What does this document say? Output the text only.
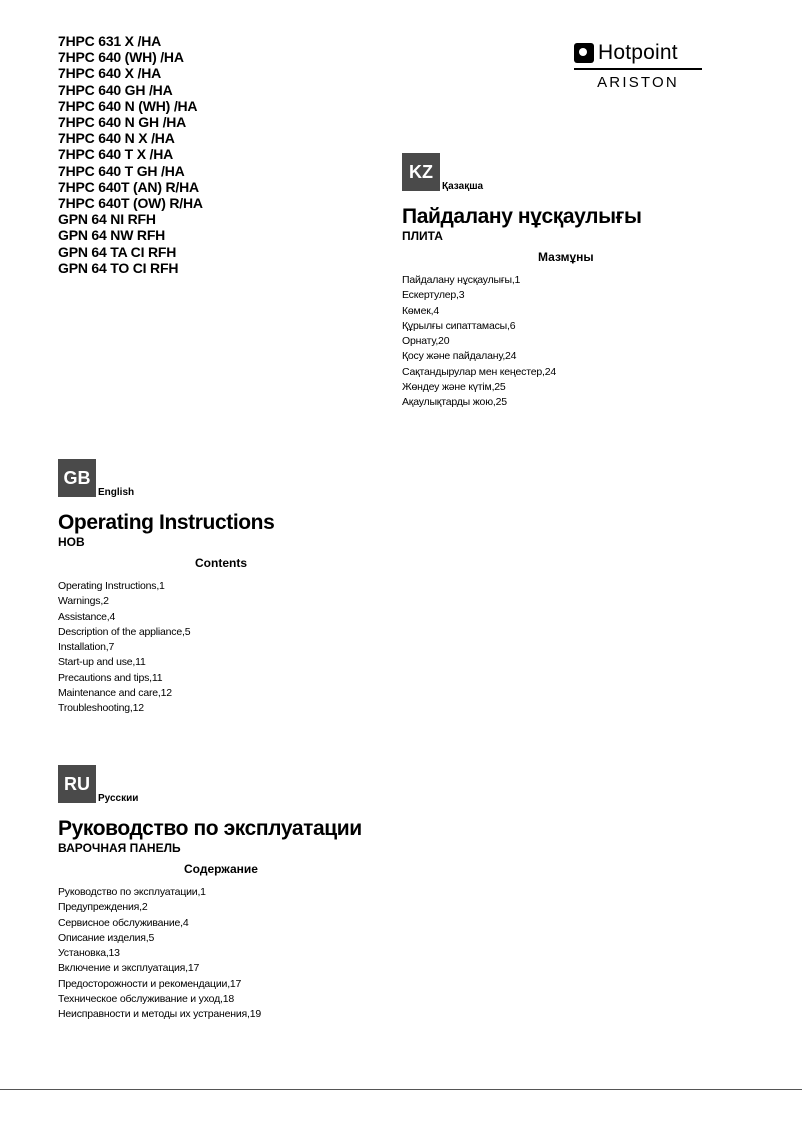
7HPC 631 X /HA
7HPC 640 (WH) /HA
7HPC 640 X /HA
7HPC 640 GH /HA
7HPC 640 N (WH) /HA
7HPC 640 N GH /HA
7HPC 640 N X /HA
7HPC 640 T X /HA
7HPC 640 T GH /HA
7HPC 640T (AN) R/HA
7HPC 640T (OW) R/HA
GPN 64 NI RFH
GPN 64 NW RFH
GPN 64 TA CI RFH
GPN 64 TO CI RFH
Hotpoint
ARISTON
KZ
Қазақша
Пайдалану нұсқаулығы
ПЛИТА
Мазмұны
Пайдалану нұсқаулығы,1
Ескертулер,3
Көмек,4
Құрылғы сипаттамасы,6
Орнату,20
Қосу және пайдалану,24
Сақтандырулар мен кеңестер,24
Жөндеу және күтім,25
Ақаулықтарды жою,25
GB
English
Operating Instructions
HOB
Contents
Operating Instructions,1
Warnings,2
Assistance,4
Description of the appliance,5
Installation,7
Start-up and use,11
Precautions and tips,11
Maintenance and care,12
Troubleshooting,12
RU
Русскии
Руководство по эксплуатации
ВАРОЧНАЯ ПАНЕЛЬ
Содержание
Руководство по эксплуатации,1
Предупреждения,2
Сервисное обслуживание,4
Описание изделия,5
Установка,13
Включение и эксплуатация,17
Предосторожности и рекомендации,17
Техническое обслуживание и уход,18
Неисправности и методы их устранения,19
